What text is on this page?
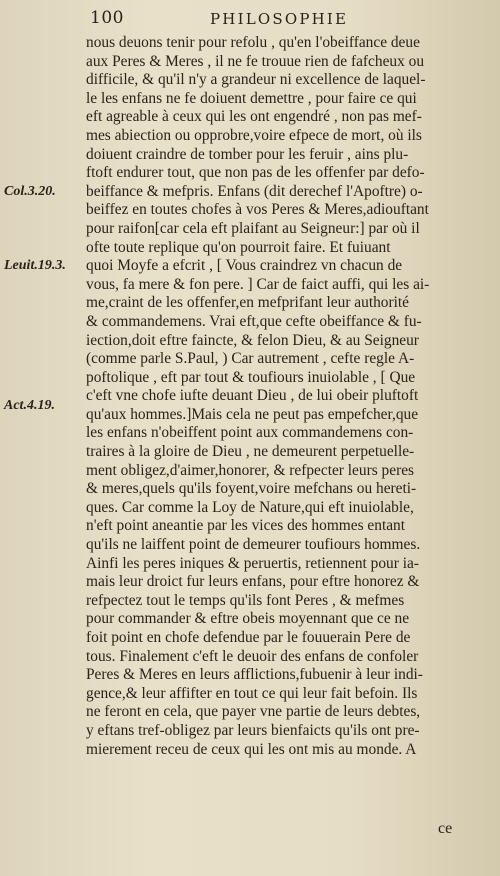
100	PHILOSOPHIE
Col.3.20.
Leuit.19.3.
Act.4.19.
nous deuons tenir pour refolu , qu'en l'obeiffance deue
aux Peres & Meres , il ne fe trouue rien de fafcheux ou
difficile, & qu'il n'y a grandeur ni excellence de laquel-
le les enfans ne fe doiuent demettre , pour faire ce qui
eft agreable à ceux qui les ont engendré , non pas mef-
mes abiection ou opprobre,voire efpece de mort, où ils
doiuent craindre de tomber pour les feruir , ains plu-
ftoft endurer tout, que non pas de les offenfer par defo-
beiffance & mefpris. Enfans (dit derechef l'Apoftre) o-
beiffez en toutes chofes à vos Peres & Meres,adiouftant
pour raifon[car cela eft plaifant au Seigneur:] par où il
ofte toute replique qu'on pourroit faire. Et fuiuant
quoi Moyfe a efcrit , [ Vous craindrez vn chacun de
vous, fa mere & fon pere. ] Car de faict auffi, qui les ai-
me,craint de les offenfer,en mefprifant leur authorité
& commandemens. Vrai eft,que cefte obeiffance & fu-
iection,doit eftre faincte, & felon Dieu, & au Seigneur
(comme parle S.Paul, ) Car autrement , cefte regle A-
poftolique , eft par tout & toufiours inuiolable , [ Que
c'eft vne chofe iufte deuant Dieu , de lui obeir pluftoft
qu'aux hommes.]Mais cela ne peut pas empefcher,que
les enfans n'obeiffent point aux commandemens con-
traires à la gloire de Dieu , ne demeurent perpetuelle-
ment obligez,d'aimer,honorer, & refpecter leurs peres
& meres,quels qu'ils foyent,voire mefchans ou hereti-
ques. Car comme la Loy de Nature,qui eft inuiolable,
n'eft point aneantie par les vices des hommes entant
qu'ils ne laiffent point de demeurer toufiours hommes.
Ainfi les peres iniques & peruertis, retiennent pour ia-
mais leur droict fur leurs enfans, pour eftre honorez &
refpectez tout le temps qu'ils font Peres , & mefmes
pour commander & eftre obeis moyennant que ce ne
foit point en chofe defendue par le fouuerain Pere de
tous. Finalement c'eft le deuoir des enfans de confoler
Peres & Meres en leurs afflictions,fubuenir à leur indi-
gence,& leur affifter en tout ce qui leur fait befoin. Ils
ne feront en cela, que payer vne partie de leurs debtes,
y eftans tref-obligez par leurs bienfaicts qu'ils ont pre-
mierement receu de ceux qui les ont mis au monde. A
ce
